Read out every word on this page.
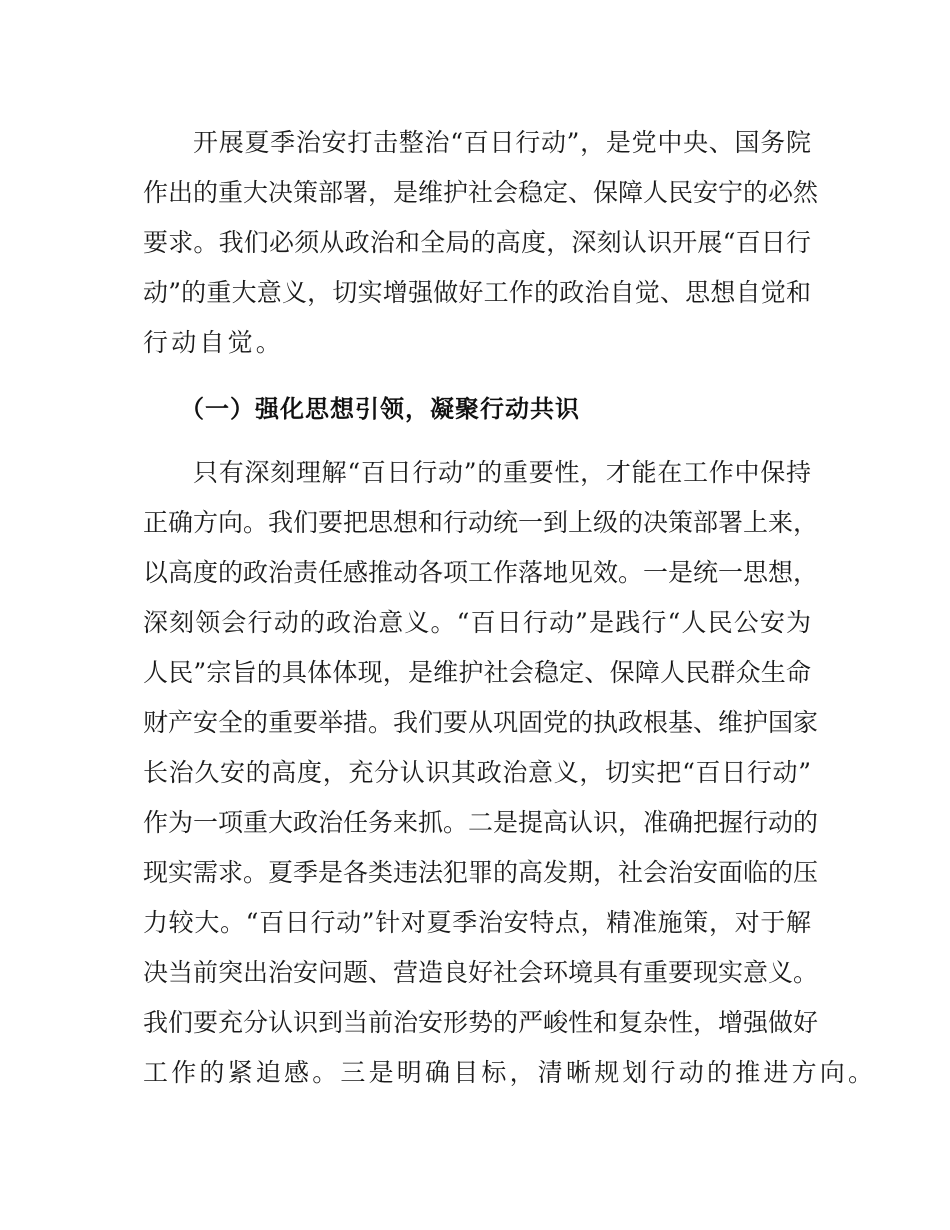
开展夏季治安打击整治“百日行动”，是党中央、国务院
作出的重大决策部署，是维护社会稳定、保障人民安宁的必然
要求。我们必须从政治和全局的高度，深刻认识开展“百日行
动”的重大意义，切实增强做好工作的政治自觉、思想自觉和
行动自觉。
（一）强化思想引领，凝聚行动共识
只有深刻理解“百日行动”的重要性，才能在工作中保持
正确方向。我们要把思想和行动统一到上级的决策部署上来，
以高度的政治责任感推动各项工作落地见效。一是统一思想，
深刻领会行动的政治意义。“百日行动”是践行“人民公安为
人民”宗旨的具体体现，是维护社会稳定、保障人民群众生命
财产安全的重要举措。我们要从巩固党的执政根基、维护国家
长治久安的高度，充分认识其政治意义，切实把“百日行动”
作为一项重大政治任务来抓。二是提高认识，准确把握行动的
现实需求。夏季是各类违法犯罪的高发期，社会治安面临的压
力较大。“百日行动”针对夏季治安特点，精准施策，对于解
决当前突出治安问题、营造良好社会环境具有重要现实意义。
我们要充分认识到当前治安形势的严峻性和复杂性，增强做好
工作的紧迫感。三是明确目标，清晰规划行动的推进方向。
